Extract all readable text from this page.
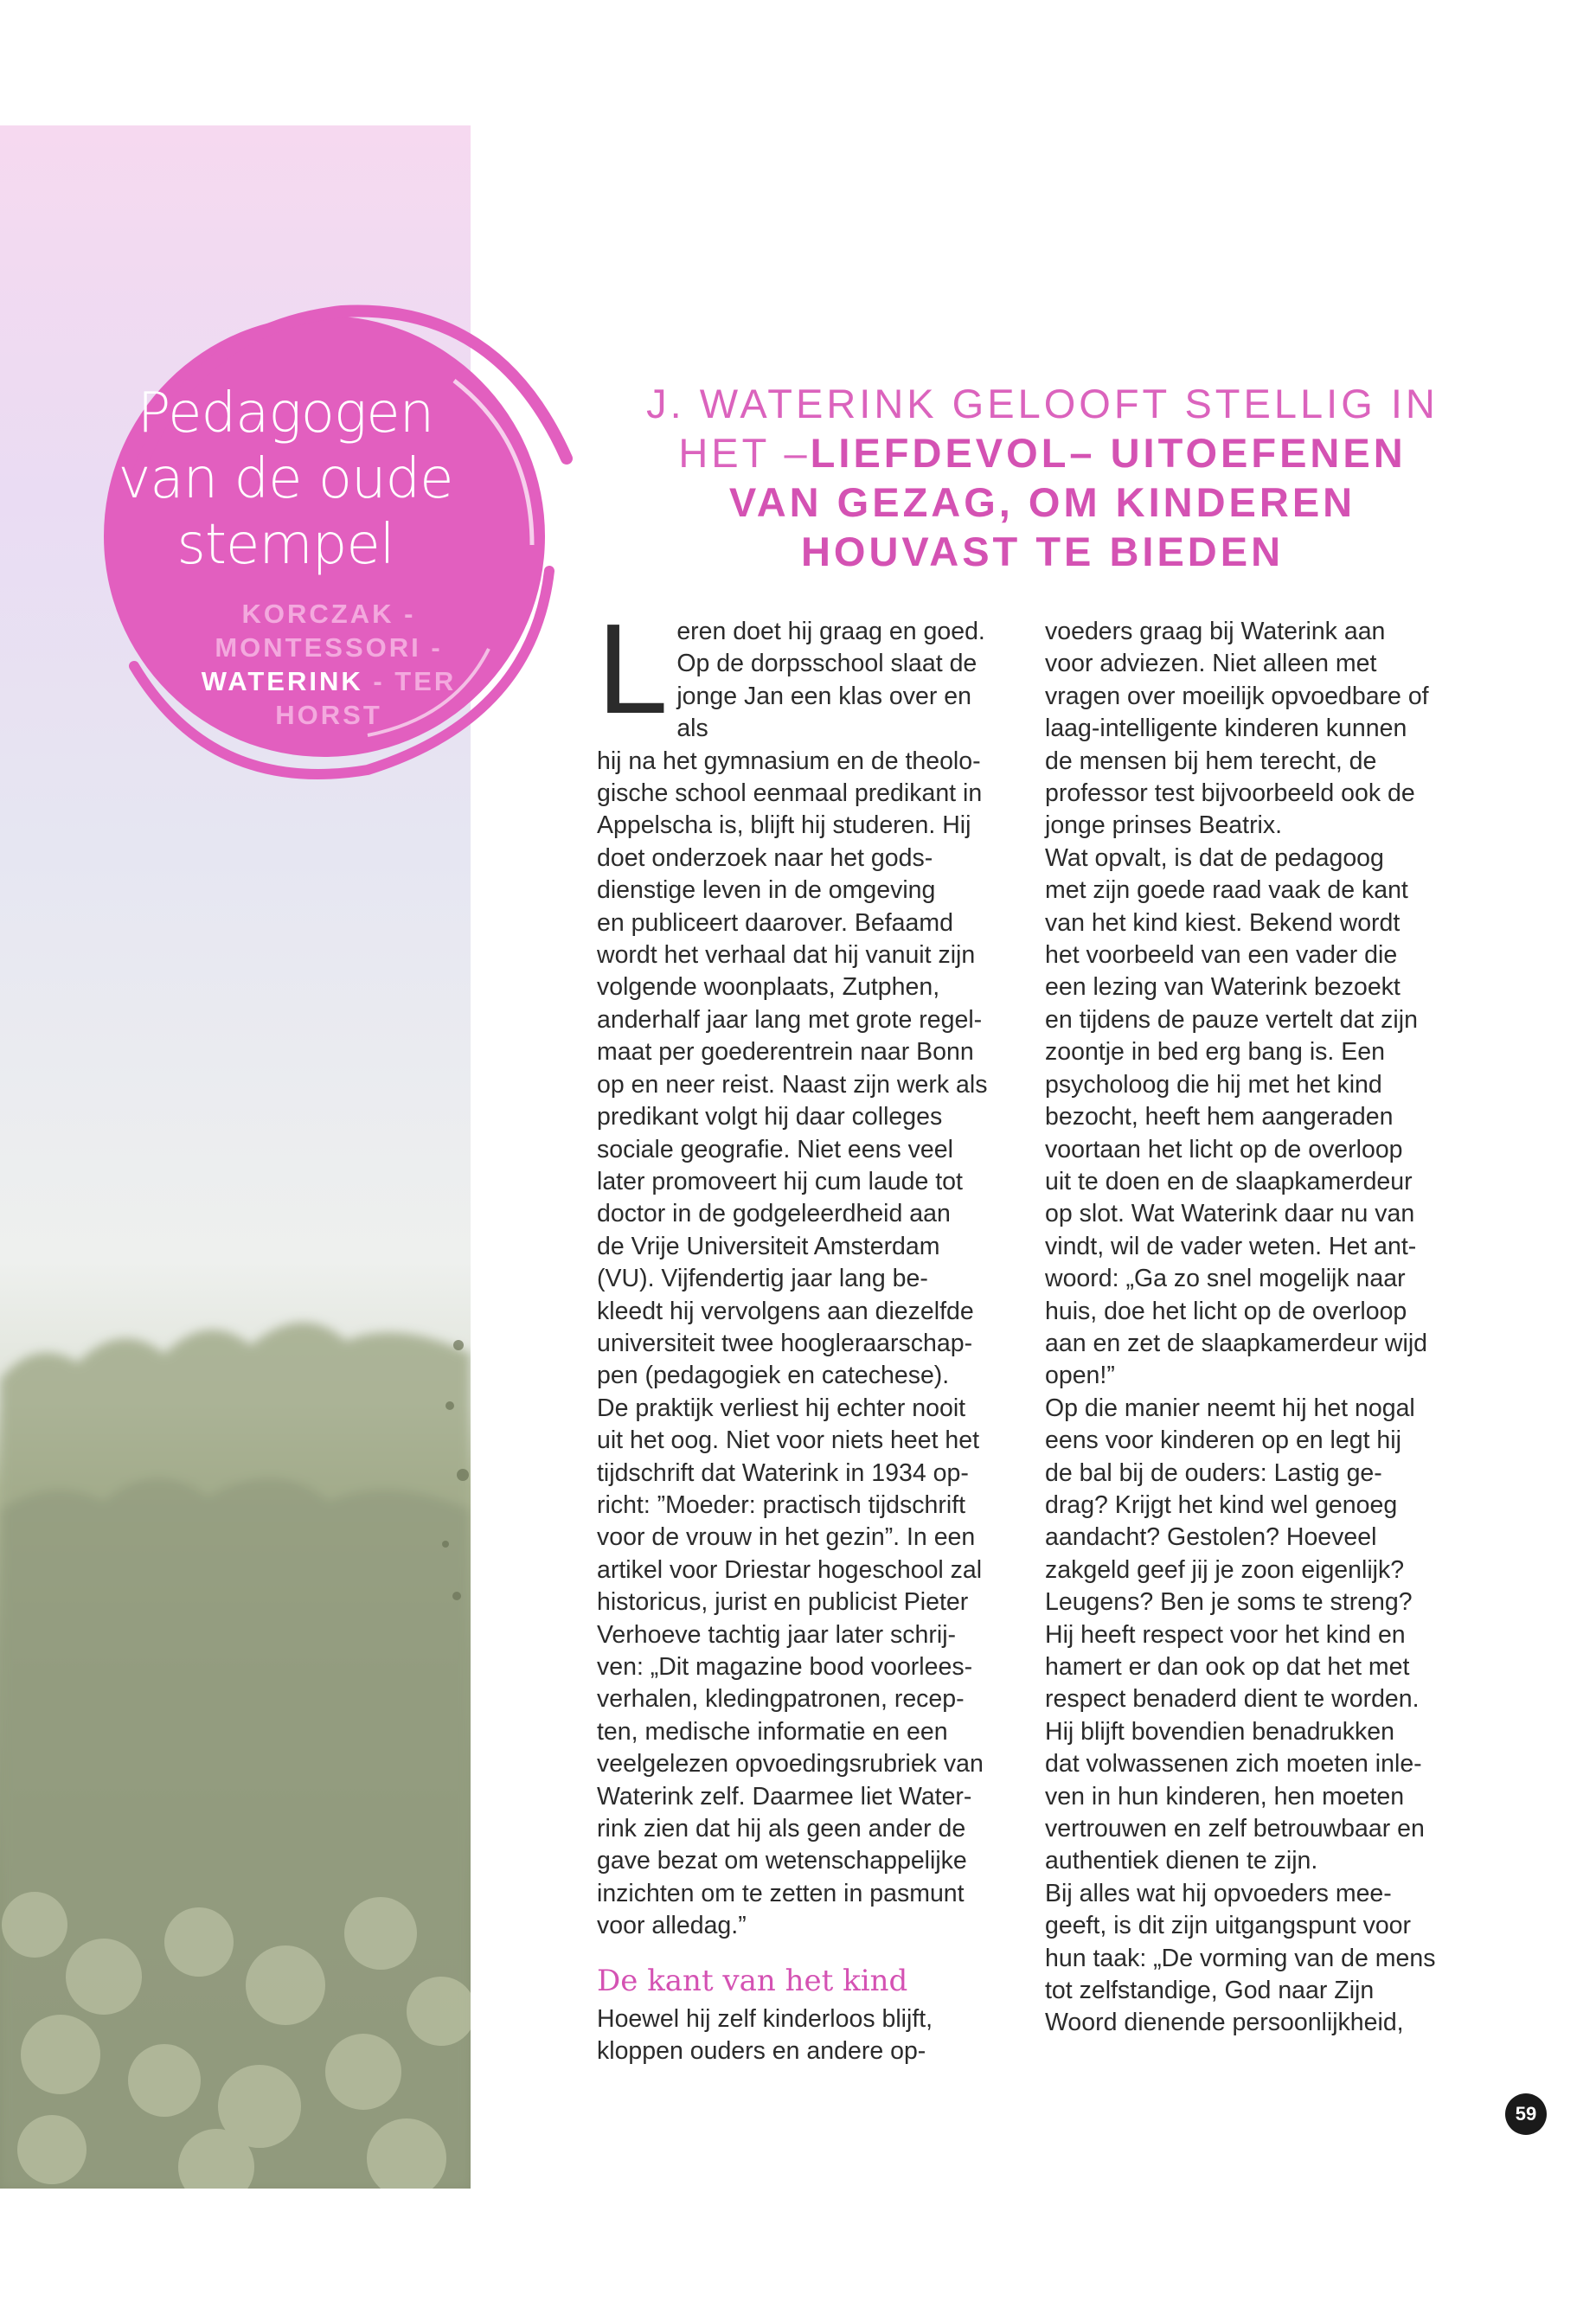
Pedagogen
van de oude
stempel
KORCZAK -
MONTESSORI -
WATERINK - TER
HORST
J. WATERINK GELOOFT STELLIG IN
HET –LIEFDEVOL– UITOEFENEN
VAN GEZAG, OM KINDEREN
HOUVAST TE BIEDEN
L eren doet hij graag en goed.
Op de dorpsschool slaat de
jonge Jan een klas over en als
hij na het gymnasium en de theolo-
gische school eenmaal predikant in
Appelscha is, blijft hij studeren. Hij
doet onderzoek naar het gods-
dienstige leven in de omgeving
en publiceert daarover. Befaamd
wordt het verhaal dat hij vanuit zijn
volgende woonplaats, Zutphen,
anderhalf jaar lang met grote regel-
maat per goederentrein naar Bonn
op en neer reist. Naast zijn werk als
predikant volgt hij daar colleges
sociale geografie. Niet eens veel
later promoveert hij cum laude tot
doctor in de godgeleerdheid aan
de Vrije Universiteit Amsterdam
(VU). Vijfendertig jaar lang be-
kleedt hij vervolgens aan diezelfde
universiteit twee hoogleraarschap-
pen (pedagogiek en catechese).
De praktijk verliest hij echter nooit
uit het oog. Niet voor niets heet het
tijdschrift dat Waterink in 1934 op-
richt: ”Moeder: practisch tijdschrift
voor de vrouw in het gezin”. In een
artikel voor Driestar hogeschool zal
historicus, jurist en publicist Pieter
Verhoeve tachtig jaar later schrij-
ven: „Dit magazine bood voorlees-
verhalen, kledingpatronen, recep-
ten, medische informatie en een
veelgelezen opvoedingsrubriek van
Waterink zelf. Daarmee liet Water-
rink zien dat hij als geen ander de
gave bezat om wetenschappelijke
inzichten om te zetten in pasmunt
voor alledag.”

De kant van het kind

Hoewel hij zelf kinderloos blijft,
kloppen ouders en andere op-

voeders graag bij Waterink aan
voor adviezen. Niet alleen met
vragen over moeilijk opvoedbare of
laag-intelligente kinderen kunnen
de mensen bij hem terecht, de
professor test bijvoorbeeld ook de
jonge prinses Beatrix.
Wat opvalt, is dat de pedagoog
met zijn goede raad vaak de kant
van het kind kiest. Bekend wordt
het voorbeeld van een vader die
een lezing van Waterink bezoekt
en tijdens de pauze vertelt dat zijn
zoontje in bed erg bang is. Een
psycholoog die hij met het kind
bezocht, heeft hem aangeraden
voortaan het licht op de overloop
uit te doen en de slaapkamerdeur
op slot. Wat Waterink daar nu van
vindt, wil de vader weten. Het ant-
woord: „Ga zo snel mogelijk naar
huis, doe het licht op de overloop
aan en zet de slaapkamerdeur wijd
open!”
Op die manier neemt hij het nogal
eens voor kinderen op en legt hij
de bal bij de ouders: Lastig ge-
drag? Krijgt het kind wel genoeg
aandacht? Gestolen? Hoeveel
zakgeld geef jij je zoon eigenlijk?
Leugens? Ben je soms te streng?
Hij heeft respect voor het kind en
hamert er dan ook op dat het met
respect benaderd dient te worden.
Hij blijft bovendien benadrukken
dat volwassenen zich moeten inle-
ven in hun kinderen, hen moeten
vertrouwen en zelf betrouwbaar en
authentiek dienen te zijn.
Bij alles wat hij opvoeders mee-
geeft, is dit zijn uitgangspunt voor
hun taak: „De vorming van de mens
tot zelfstandige, God naar Zijn
Woord dienende persoonlijkheid,

59
